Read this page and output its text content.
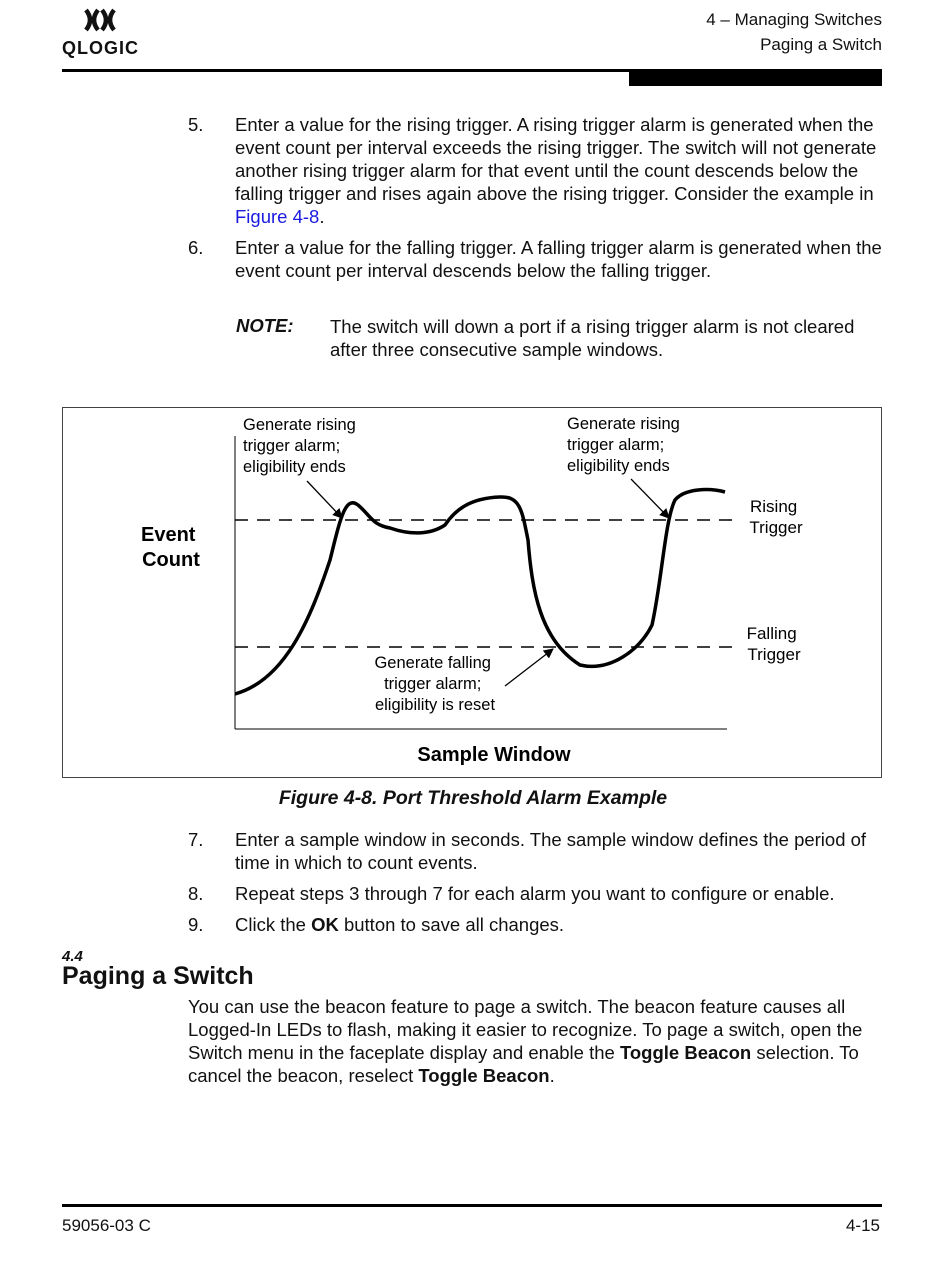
QLOGIC
4 – Managing Switches
Paging a Switch
5. Enter a value for the rising trigger. A rising trigger alarm is generated when the event count per interval exceeds the rising trigger. The switch will not generate another rising trigger alarm for that event until the count descends below the falling trigger and rises again above the rising trigger. Consider the example in Figure 4-8.
6. Enter a value for the falling trigger. A falling trigger alarm is generated when the event count per interval descends below the falling trigger.
NOTE: The switch will down a port if a rising trigger alarm is not cleared after three consecutive sample windows.
Generate rising trigger alarm; eligibility ends
Generate rising trigger alarm; eligibility ends
Generate falling trigger alarm; eligibility is reset
Event Count
Sample Window
Rising Trigger
Falling Trigger
Figure 4-8. Port Threshold Alarm Example
7. Enter a sample window in seconds. The sample window defines the period of time in which to count events.
8. Repeat steps 3 through 7 for each alarm you want to configure or enable.
9. Click the OK button to save all changes.
4.4
Paging a Switch
You can use the beacon feature to page a switch. The beacon feature causes all Logged-In LEDs to flash, making it easier to recognize. To page a switch, open the Switch menu in the faceplate display and enable the Toggle Beacon selection. To cancel the beacon, reselect Toggle Beacon.
59056-03 C	4-15
